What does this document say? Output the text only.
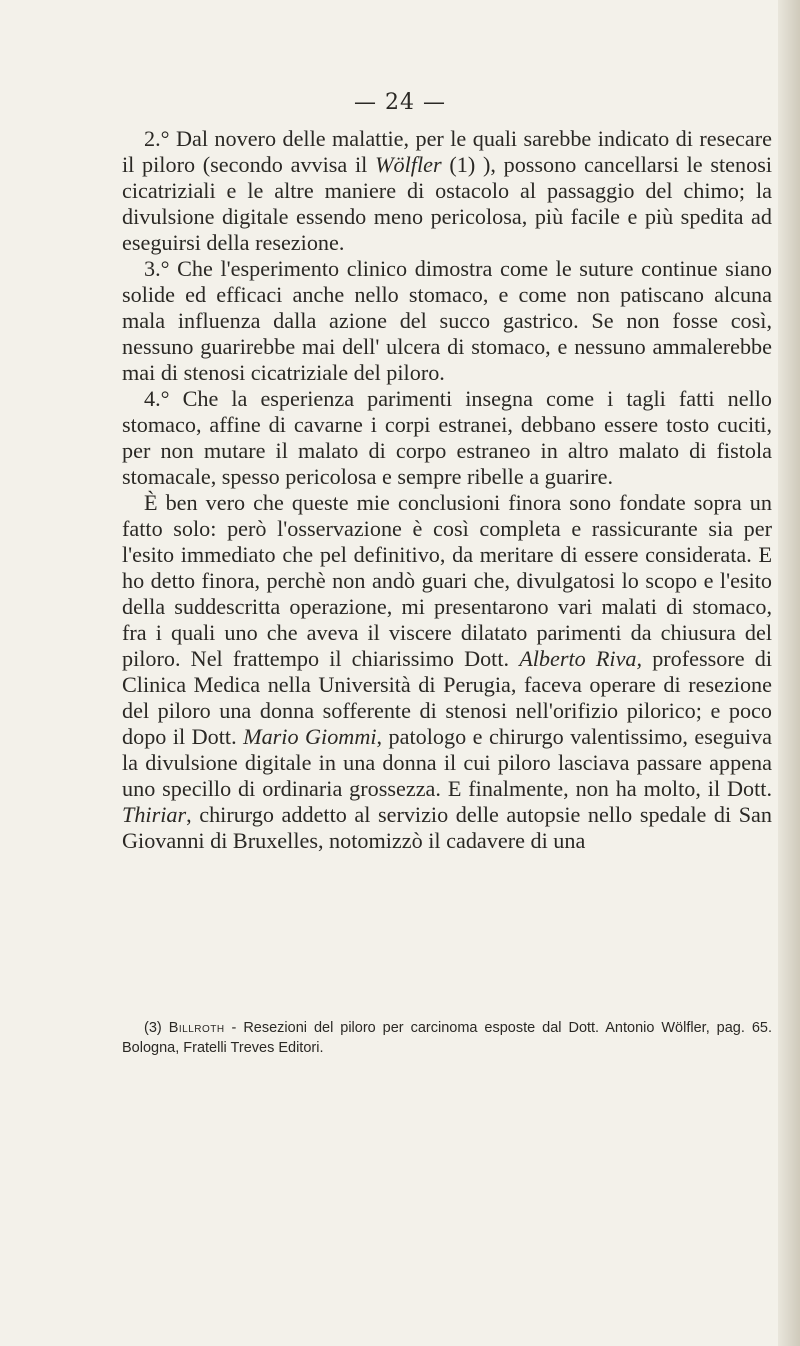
— 24 —

2.° Dal novero delle malattie, per le quali sarebbe indicato di resecare il piloro (secondo avvisa il Wölfler (1) ), possono cancellarsi le stenosi cicatriziali e le altre maniere di ostacolo al passaggio del chimo; la divulsione digitale essendo meno pericolosa, più facile e più spedita ad eseguirsi della resezione.

3.° Che l'esperimento clinico dimostra come le suture continue siano solide ed efficaci anche nello stomaco, e come non patiscano alcuna mala influenza dalla azione del succo gastrico. Se non fosse così, nessuno guarirebbe mai dell' ulcera di stomaco, e nessuno ammalerebbe mai di stenosi cicatriziale del piloro.

4.° Che la esperienza parimenti insegna come i tagli fatti nello stomaco, affine di cavarne i corpi estranei, debbano essere tosto cuciti, per non mutare il malato di corpo estraneo in altro malato di fistola stomacale, spesso pericolosa e sempre ribelle a guarire.

È ben vero che queste mie conclusioni finora sono fondate sopra un fatto solo: però l'osservazione è così completa e rassicurante sia per l'esito immediato che pel definitivo, da meritare di essere considerata. E ho detto finora, perchè non andò guari che, divulgatosi lo scopo e l'esito della suddescritta operazione, mi presentarono vari malati di stomaco, fra i quali uno che aveva il viscere dilatato parimenti da chiusura del piloro. Nel frattempo il chiarissimo Dott. Alberto Riva, professore di Clinica Medica nella Università di Perugia, faceva operare di resezione del piloro una donna sofferente di stenosi nell'orifizio pilorico; e poco dopo il Dott. Mario Giommi, patologo e chirurgo valentissimo, eseguiva la divulsione digitale in una donna il cui piloro lasciava passare appena uno specillo di ordinaria grossezza. E finalmente, non ha molto, il Dott. Thiriar, chirurgo addetto al servizio delle autopsie nello spedale di San Giovanni di Bruxelles, notomizzò il cadavere di una

(3) Billroth - Resezioni del piloro per carcinoma esposte dal Dott. Antonio Wölfler, pag. 65. Bologna, Fratelli Treves Editori.
